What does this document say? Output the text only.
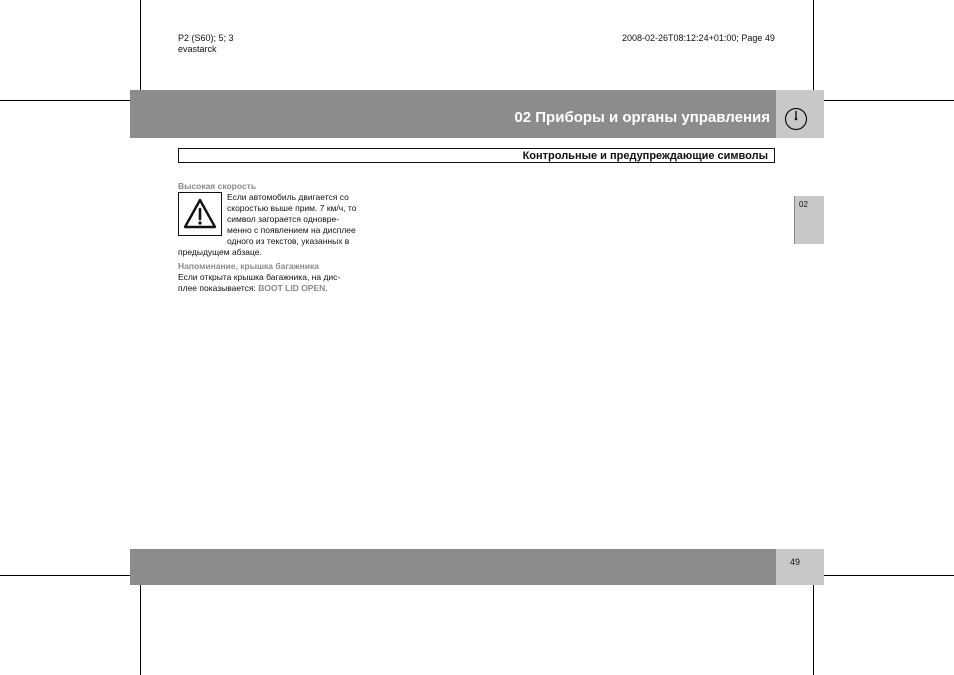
P2 (S60); 5; 3
evastarck
2008-02-26T08:12:24+01:00; Page 49
02 Приборы и органы управления
Контрольные и предупреждающие символы
02
Высокая скорость
Если автомобиль двигается со
скоростью выше прим. 7 км/ч, то
символ загорается одновре-
менно с появлением на дисплее
одного из текстов, указанных в
предыдущем абзаце.
Напоминание, крышка багажника
Если открыта крышка багажника, на дис-
плее показывается: BOOT LID OPEN.
49
